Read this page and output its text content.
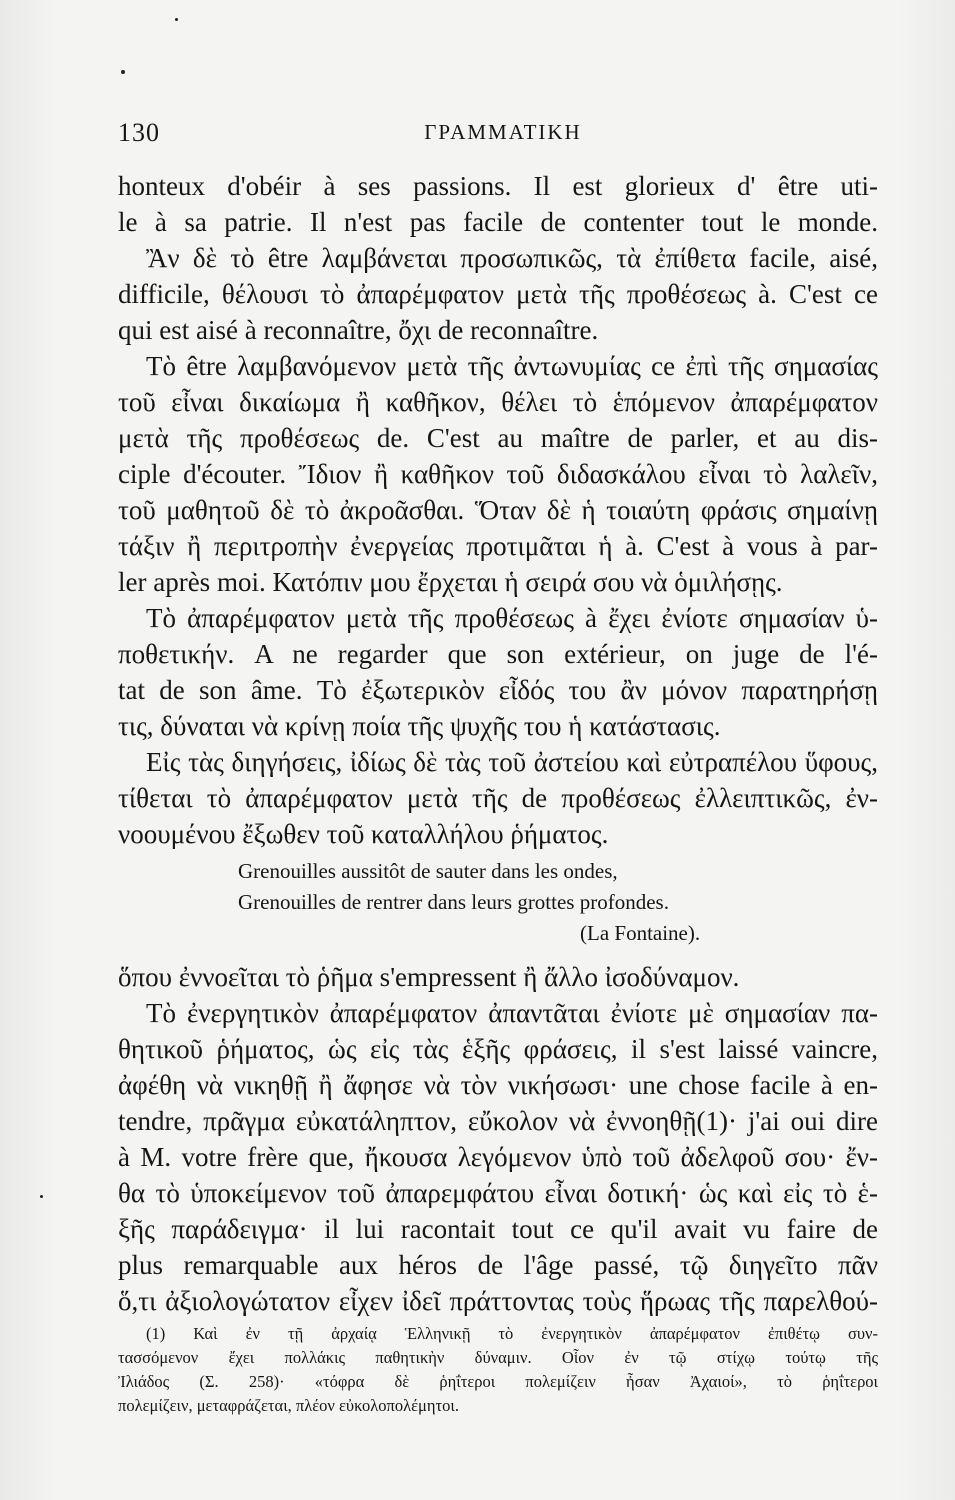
130	ΓΡΑΜΜΑΤΙΚΗ
honteux d'obéir à ses passions. Il est glorieux d' être uti-
le à sa patrie. Il n'est pas facile de contenter tout le monde.
Ἂν δὲ τὸ être λαμβάνεται προσωπικῶς, τὰ ἐπίθετα facile, aisé,
difficile, θέλουσι τὸ ἀπαρέμφατον μετὰ τῆς προθέσεως à. C'est ce
qui est aisé à reconnaître, ὄχι de reconnaître.
Τὸ être λαμβανόμενον μετὰ τῆς ἀντωνυμίας ce ἐπὶ τῆς σημασίας
τοῦ εἶναι δικαίωμα ἢ καθῆκον, θέλει τὸ ἑπόμενον ἀπαρέμφατον
μετὰ τῆς προθέσεως de. C'est au maître de parler, et au dis-
ciple d'écouter. Ἴδιον ἢ καθῆκον τοῦ διδασκάλου εἶναι τὸ λαλεῖν,
τοῦ μαθητοῦ δὲ τὸ ἀκροᾶσθαι. Ὅταν δὲ ἡ τοιαύτη φράσις σημαίνῃ
τάξιν ἢ περιτροπὴν ἐνεργείας προτιμᾶται ἡ à. C'est à vous à par-
ler après moi. Κατόπιν μου ἔρχεται ἡ σειρά σου νὰ ὁμιλήσῃς.
Τὸ ἀπαρέμφατον μετὰ τῆς προθέσεως à ἔχει ἐνίοτε σημασίαν ὑ-
ποθετικήν. A ne regarder que son extérieur, on juge de l'é-
tat de son âme. Τὸ ἐξωτερικὸν εἶδός του ἂν μόνον παρατηρήσῃ
τις, δύναται νὰ κρίνῃ ποία τῆς ψυχῆς του ἡ κατάστασις.
Εἰς τὰς διηγήσεις, ἰδίως δὲ τὰς τοῦ ἀστείου καὶ εὐτραπέλου ὕφους,
τίθεται τὸ ἀπαρέμφατον μετὰ τῆς de προθέσεως ἐλλειπτικῶς, ἐν-
νοουμένου ἔξωθεν τοῦ καταλλήλου ῥήματος.
Grenouilles aussitôt de sauter dans les ondes,
Grenouilles de rentrer dans leurs grottes profondes.
(La Fontaine).
ὅπου ἐννοεῖται τὸ ῥῆμα s'empressent ἢ ἄλλο ἰσοδύναμον.
Τὸ ἐνεργητικὸν ἀπαρέμφατον ἀπαντᾶται ἐνίοτε μὲ σημασίαν πα-
θητικοῦ ῥήματος, ὡς εἰς τὰς ἑξῆς φράσεις, il s'est laissé vaincre,
ἀφέθη νὰ νικηθῇ ἢ ἄφησε νὰ τὸν νικήσωσι· une chose facile à en-
tendre, πρᾶγμα εὐκατάληπτον, εὔκολον νὰ ἐννοηθῇ(1)· j'ai oui dire
à M. votre frère que, ἤκουσα λεγόμενον ὑπὸ τοῦ ἀδελφοῦ σου· ἔν-
θα τὸ ὑποκείμενον τοῦ ἀπαρεμφάτου εἶναι δοτική· ὡς καὶ εἰς τὸ ἑ-
ξῆς παράδειγμα· il lui racontait tout ce qu'il avait vu faire de
plus remarquable aux héros de l'âge passé, τῷ διηγεῖτο πᾶν
ὅ,τι ἀξιολογώτατον εἶχεν ἰδεῖ πράττοντας τοὺς ἥρωας τῆς παρελθού-
(1) Καὶ ἐν τῇ ἀρχαίᾳ Ἑλληνικῇ τὸ ἐνεργητικὸν ἀπαρέμφατον ἐπιθέτῳ συν-
τασσόμενον ἔχει πολλάκις παθητικὴν δύναμιν. Οἷον ἐν τῷ στίχῳ τούτῳ τῆς
Ἰλιάδος (Σ. 258)· «τόφρα δὲ ῥηΐτεροι πολεμίζειν ἦσαν Ἀχαιοί», τὸ ῥηΐτεροι
πολεμίζειν, μεταφράζεται, πλέον εὐκολοπολέμητοι.
